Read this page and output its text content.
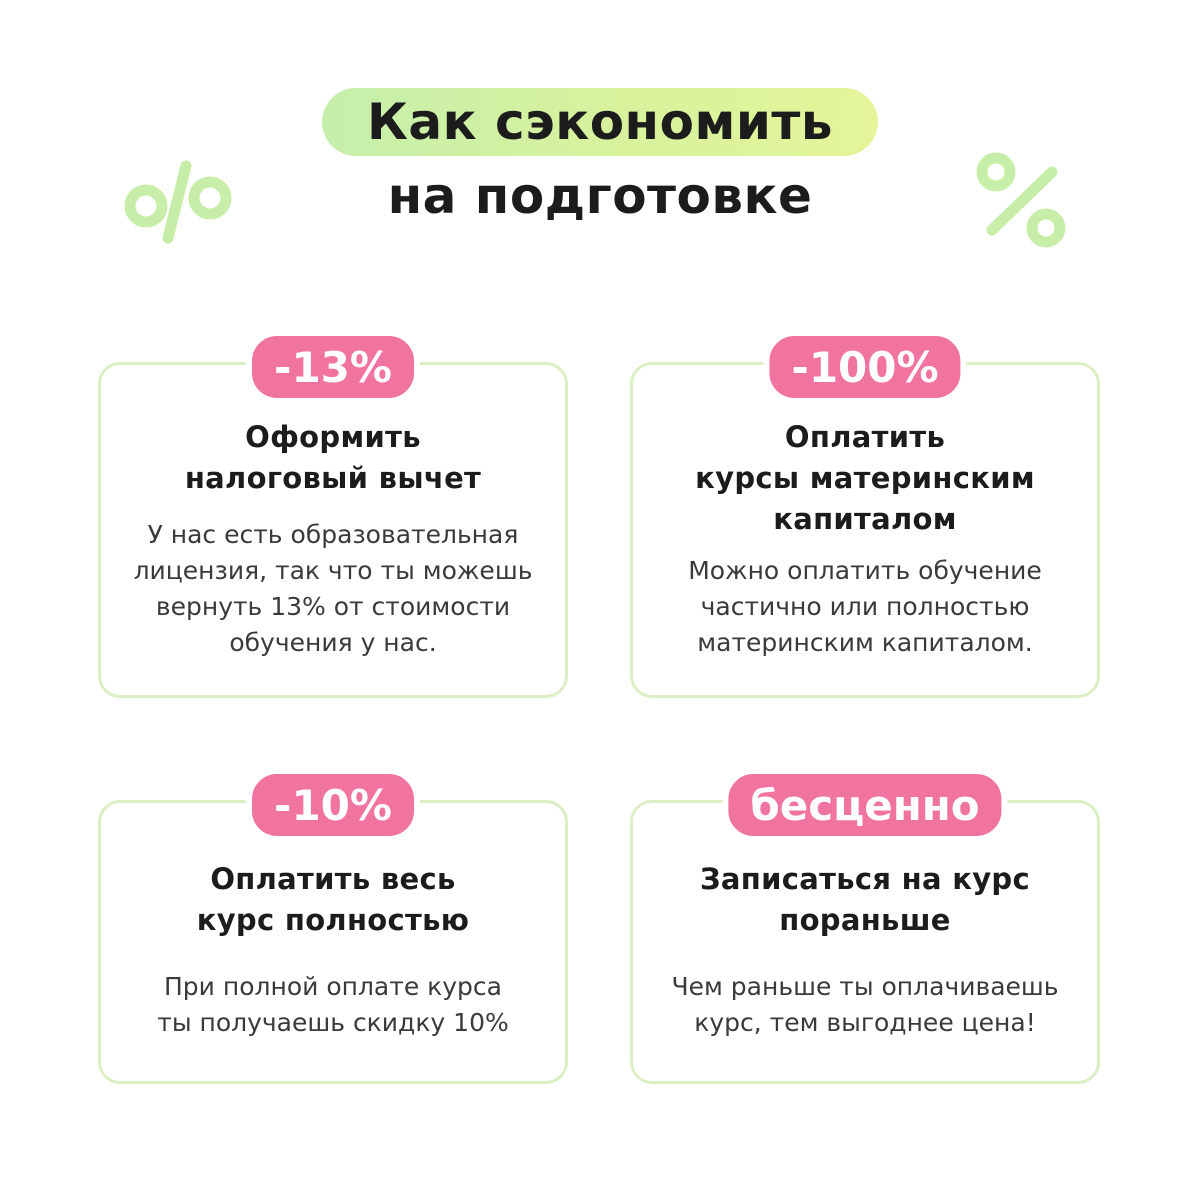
Как сэкономить
на подготовке
-13%
Оформить
налоговый вычет
У нас есть образовательная
лицензия, так что ты можешь
вернуть 13% от стоимости
обучения у нас.
-100%
Оплатить
курсы материнским
капиталом
Можно оплатить обучение
частично или полностью
материнским капиталом.
-10%
Оплатить весь
курс полностью
При полной оплате курса
ты получаешь скидку 10%
бесценно
Записаться на курс
пораньше
Чем раньше ты оплачиваешь
курс, тем выгоднее цена!
